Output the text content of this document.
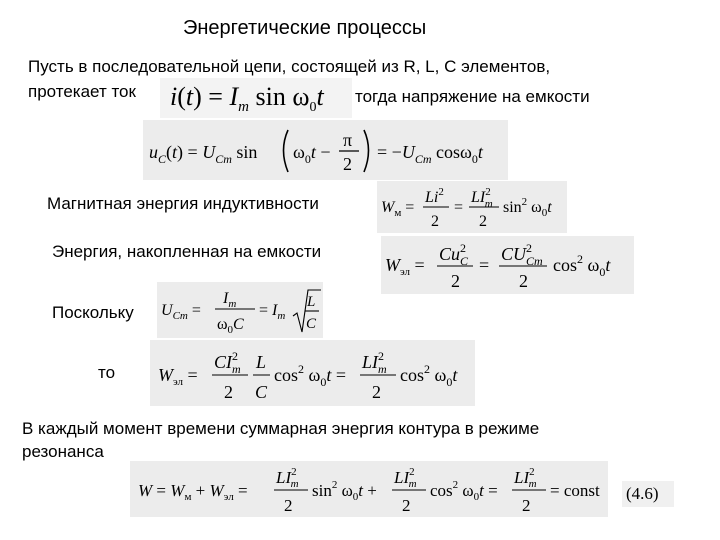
Энергетические процессы
Пусть в последовательной цепи, состоящей из R, L, C элементов,
протекает ток	тогда напряжение на емкости
$i(t) = I_m$ $\sin \omega_0t$
$u_C(t) = U_{Cm}$ $\sin \omega_0t$ −
π
2
= $-U_{Cm}$ cosω$_0$t
Магнитная энергия индуктивности	$W_м$ =
$Li^2$
2
=
$LI^2$ m
2
$\sin^2 \omega_0t$
Энергия, накопленная на емкости
$W_{эл}$ =
$Cu^2$ C
2
=
$CU^2$ Cm
2
$\cos^2 \omega_0t$
Поскольку $U_{Cm}$ =
$I_m$
$\omega_0C$
= $I_m$
L
C
то $W_{эл}$ =
$CI^2$ m
2
L
C
$\cos^2 \omega_0t$ =
$LI^2$ m
2
$\cos^2 \omega_0t$
В каждый момент времени суммарная энергия контура в режиме
резонанса
$W = W_м + W_{эл}$ =
$LI^2$ m
2
$\sin^2 \omega_0t$ +
$LI^2$ m
2
$\cos^2 \omega_0t$ =
$LI^2$ m
2
= const (4.6)
